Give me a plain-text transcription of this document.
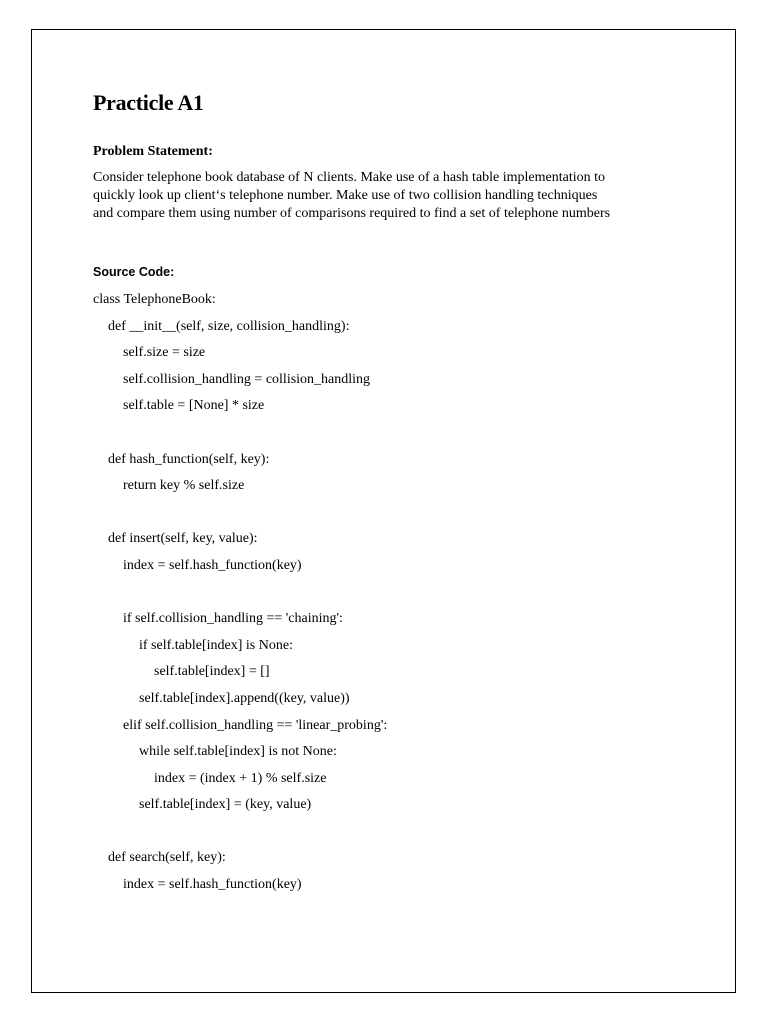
Practicle A1
Problem Statement:
Consider telephone book database of N clients. Make use of a hash table implementation to
quickly look up client‘s telephone number. Make use of two collision handling techniques
and compare them using number of comparisons required to find a set of telephone numbers
Source Code:
class TelephoneBook:
def __init__(self, size, collision_handling):
self.size = size
self.collision_handling = collision_handling
self.table = [None] * size
def hash_function(self, key):
return key % self.size
def insert(self, key, value):
index = self.hash_function(key)
if self.collision_handling == 'chaining':
if self.table[index] is None:
self.table[index] = []
self.table[index].append((key, value))
elif self.collision_handling == 'linear_probing':
while self.table[index] is not None:
index = (index + 1) % self.size
self.table[index] = (key, value)
def search(self, key):
index = self.hash_function(key)
